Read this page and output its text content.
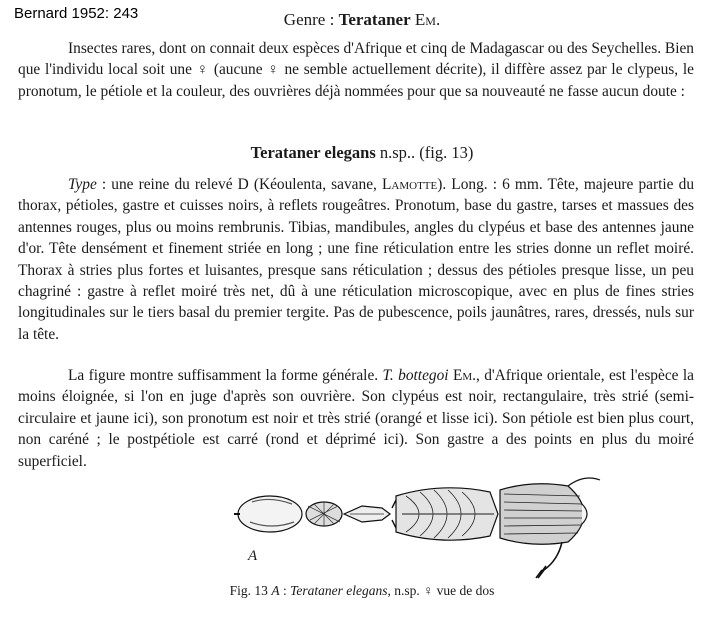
Bernard 1952: 243	Genre : Terataner Em.

Insectes rares, dont on connait deux espèces d'Afrique et cinq de Madagascar ou des Seychelles. Bien que l'individu local soit une ♀ (aucune ♀ ne semble actuellement décrite), il diffère assez par le clypeus, le pronotum, le pétiole et la couleur, des ouvrières déjà nommées pour que sa nouveauté ne fasse aucun doute :

Terataner elegans n.sp.. (fig. 13)

Type : une reine du relevé D (Kéoulenta, savane, Lamotte). Long. : 6 mm. Tête, majeure partie du thorax, pétioles, gastre et cuisses noirs, à reflets rougeâtres. Pronotum, base du gastre, tarses et massues des antennes rouges, plus ou moins rembrunis. Tibias, mandibules, angles du clypéus et base des antennes jaune d'or. Tête densément et finement striée en long ; une fine réticulation entre les stries donne un reflet moiré. Thorax à stries plus fortes et luisantes, presque sans réticulation ; dessus des pétioles presque lisse, un peu chagriné : gastre à reflet moiré très net, dû à une réticulation microscopique, avec en plus de fines stries longitudinales sur le tiers basal du premier tergite. Pas de pubescence, poils jaunâtres, rares, dressés, nuls sur la tête.

La figure montre suffisamment la forme générale. T. bottegoi Em., d'Afrique orientale, est l'espèce la moins éloignée, si l'on en juge d'après son ouvrière. Son clypéus est noir, rectangulaire, très strié (semi-circulaire et jaune ici), son pronotum est noir et très strié (orangé et lisse ici). Son pétiole est bien plus court, non caréné ; le postpétiole est carré (rond et déprimé ici). Son gastre a des points en plus du moiré superficiel.

A
Fig. 13 A : Terataner elegans, n.sp. ♀ vue de dos
